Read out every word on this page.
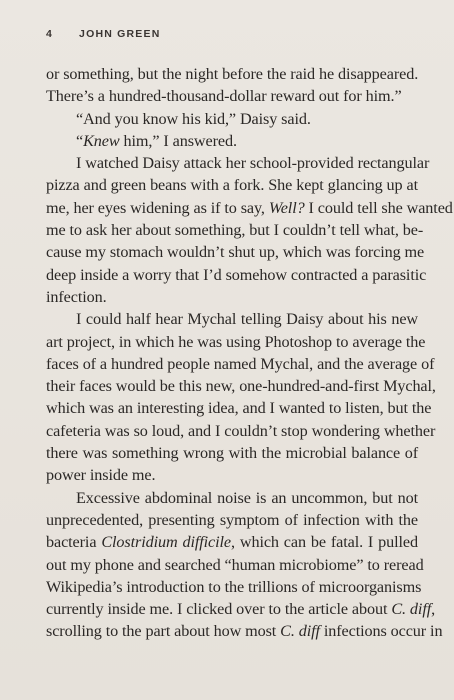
4 JOHN GREEN
or something, but the night before the raid he disappeared.
There’s a hundred-thousand-dollar reward out for him.”
“And you know his kid,” Daisy said.
“Knew him,” I answered.
I watched Daisy attack her school-provided rectangular
pizza and green beans with a fork. She kept glancing up at
me, her eyes widening as if to say, Well? I could tell she wanted
me to ask her about something, but I couldn’t tell what, be-
cause my stomach wouldn’t shut up, which was forcing me
deep inside a worry that I’d somehow contracted a parasitic
infection.
I could half hear Mychal telling Daisy about his new
art project, in which he was using Photoshop to average the
faces of a hundred people named Mychal, and the average of
their faces would be this new, one-hundred-and-first Mychal,
which was an interesting idea, and I wanted to listen, but the
cafeteria was so loud, and I couldn’t stop wondering whether
there was something wrong with the microbial balance of
power inside me.
Excessive abdominal noise is an uncommon, but not
unprecedented, presenting symptom of infection with the
bacteria Clostridium difficile, which can be fatal. I pulled
out my phone and searched “human microbiome” to reread
Wikipedia’s introduction to the trillions of microorganisms
currently inside me. I clicked over to the article about C. diff,
scrolling to the part about how most C. diff infections occur in
